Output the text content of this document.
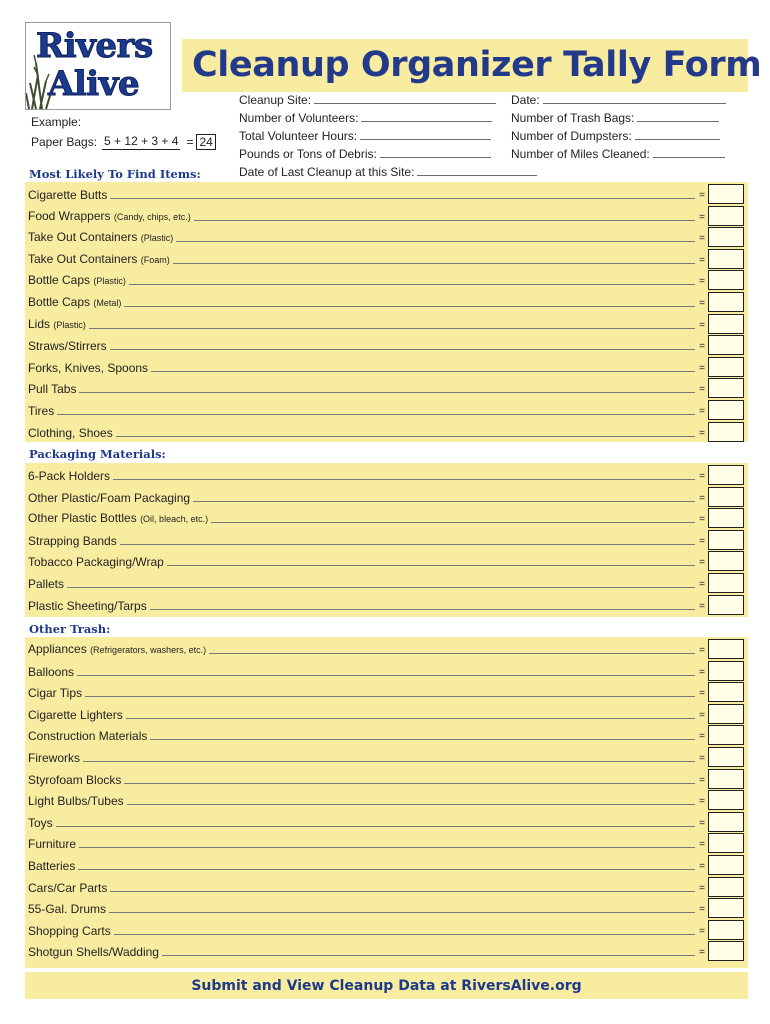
Rivers
Alive Cleanup Organizer Tally Form
Cleanup Site:	Date:
Number of Volunteers:	Number of Trash Bags:
Total Volunteer Hours:	Number of Dumpsters:
Pounds or Tons of Debris:	Number of Miles Cleaned:
Date of Last Cleanup at this Site:
Example:
Paper Bags: 5 + 12 + 3 + 4 = 24
Most Likely To Find Items:
Packaging Materials:
Other Trash:
Cigarette Butts	=
Food Wrappers (Candy, chips, etc.)	=
Take Out Containers (Plastic)	=
Take Out Containers (Foam)	=
Bottle Caps (Plastic)	=
Bottle Caps (Metal)	=
Lids (Plastic)	=
Straws/Stirrers	=
Forks, Knives, Spoons	=
Pull Tabs	=
Tires	=
Clothing, Shoes	=
6-Pack Holders	=
Other Plastic/Foam Packaging	=
Other Plastic Bottles (Oil, bleach, etc.)	=
Strapping Bands	=
Tobacco Packaging/Wrap	=
Pallets	=
Plastic Sheeting/Tarps	=
Appliances (Refrigerators, washers, etc.)	=
Balloons	=
Cigar Tips	=
Cigarette Lighters	=
Construction Materials	=
Fireworks	=
Styrofoam Blocks	=
Light Bulbs/Tubes	=
Toys	=
Furniture	=
Batteries	=
Cars/Car Parts	=
55-Gal. Drums	=
Shopping Carts	=
Shotgun Shells/Wadding	=
Submit and View Cleanup Data at RiversAlive.org
